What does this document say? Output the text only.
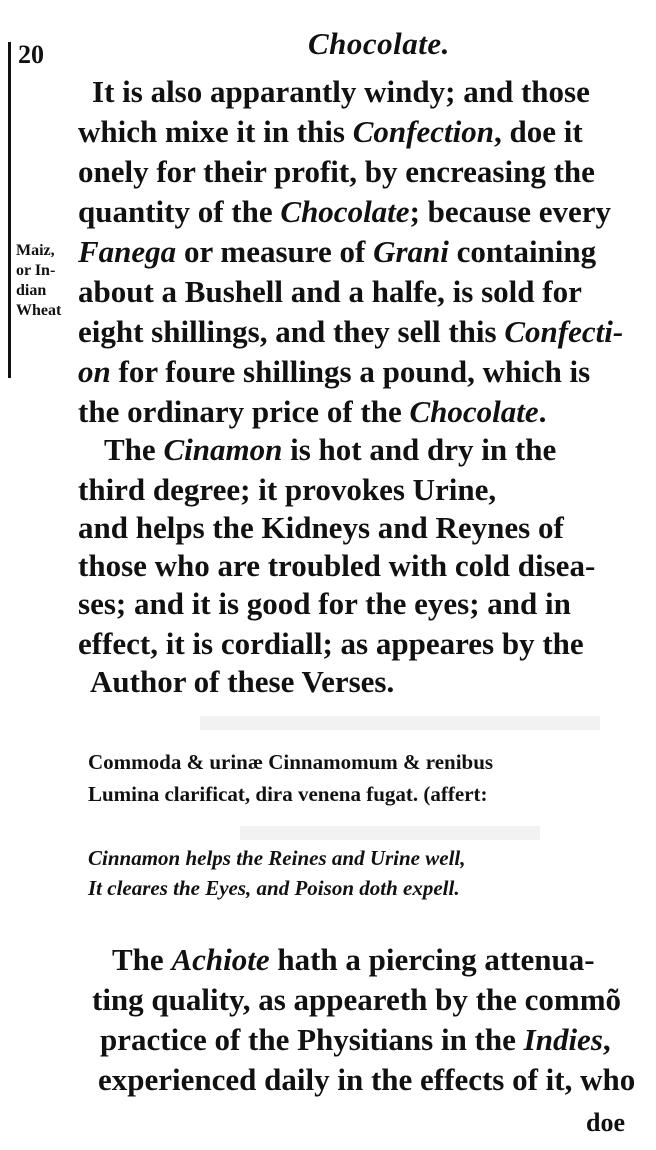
20	Chocolate.
Maiz,
or In-
dian
Wheat
It is also apparantly windy; and those
which mixe it in this Confection, doe it
onely for their profit, by encreasing the
quantity of the Chocolate; because every
Fanega or measure of Grani containing
about a Bushell and a halfe, is sold for
eight shillings, and they sell this Confecti-
on for foure shillings a pound, which is
the ordinary price of the Chocolate.
The Cinamon is hot and dry in the
third degree; it provokes Urine,
and helps the Kidneys and Reynes of
those who are troubled with cold disea-
ses; and it is good for the eyes; and in
effect, it is cordiall; as appeares by the
Author of these Verses.
Commoda & urinæ Cinnamomum & renibus
Lumina clarificat, dira venena fugat. (affert:
Cinnamon helps the Reines and Urine well,
It cleares the Eyes, and Poison doth expell.
The Achiote hath a piercing attenua-
ting quality, as appeareth by the commõ
practice of the Physitians in the Indies,
experienced daily in the effects of it, who
doe
